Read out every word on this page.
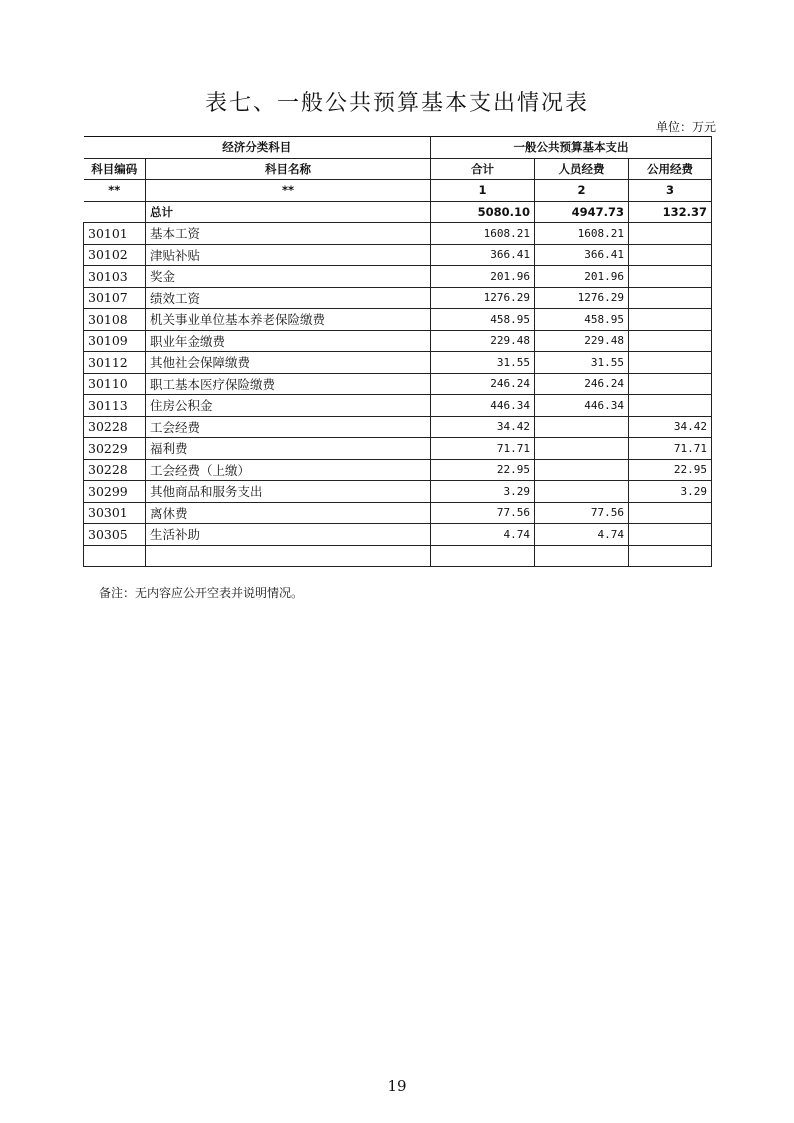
表七、一般公共预算基本支出情况表
单位：万元
经济分类科目		一般公共预算基本支出		
科目编码	科目名称	合计	人员经费	公用经费
**	**	1	2	3
	总计	5080.10	4947.73	132.37
30101	基本工资	1608.21	1608.21	
30102	津贴补贴	366.41	366.41	
30103	奖金	201.96	201.96	
30107	绩效工资	1276.29	1276.29	
30108	机关事业单位基本养老保险缴费	458.95	458.95	
30109	职业年金缴费	229.48	229.48	
30112	其他社会保障缴费	31.55	31.55	
30110	职工基本医疗保险缴费	246.24	246.24	
30113	住房公积金	446.34	446.34	
30228	工会经费	34.42		34.42
30229	福利费	71.71		71.71
30228	工会经费（上缴）	22.95		22.95
30299	其他商品和服务支出	3.29		3.29
30301	离休费	77.56	77.56	
30305	生活补助	4.74	4.74	

备注：无内容应公开空表并说明情况。
19
